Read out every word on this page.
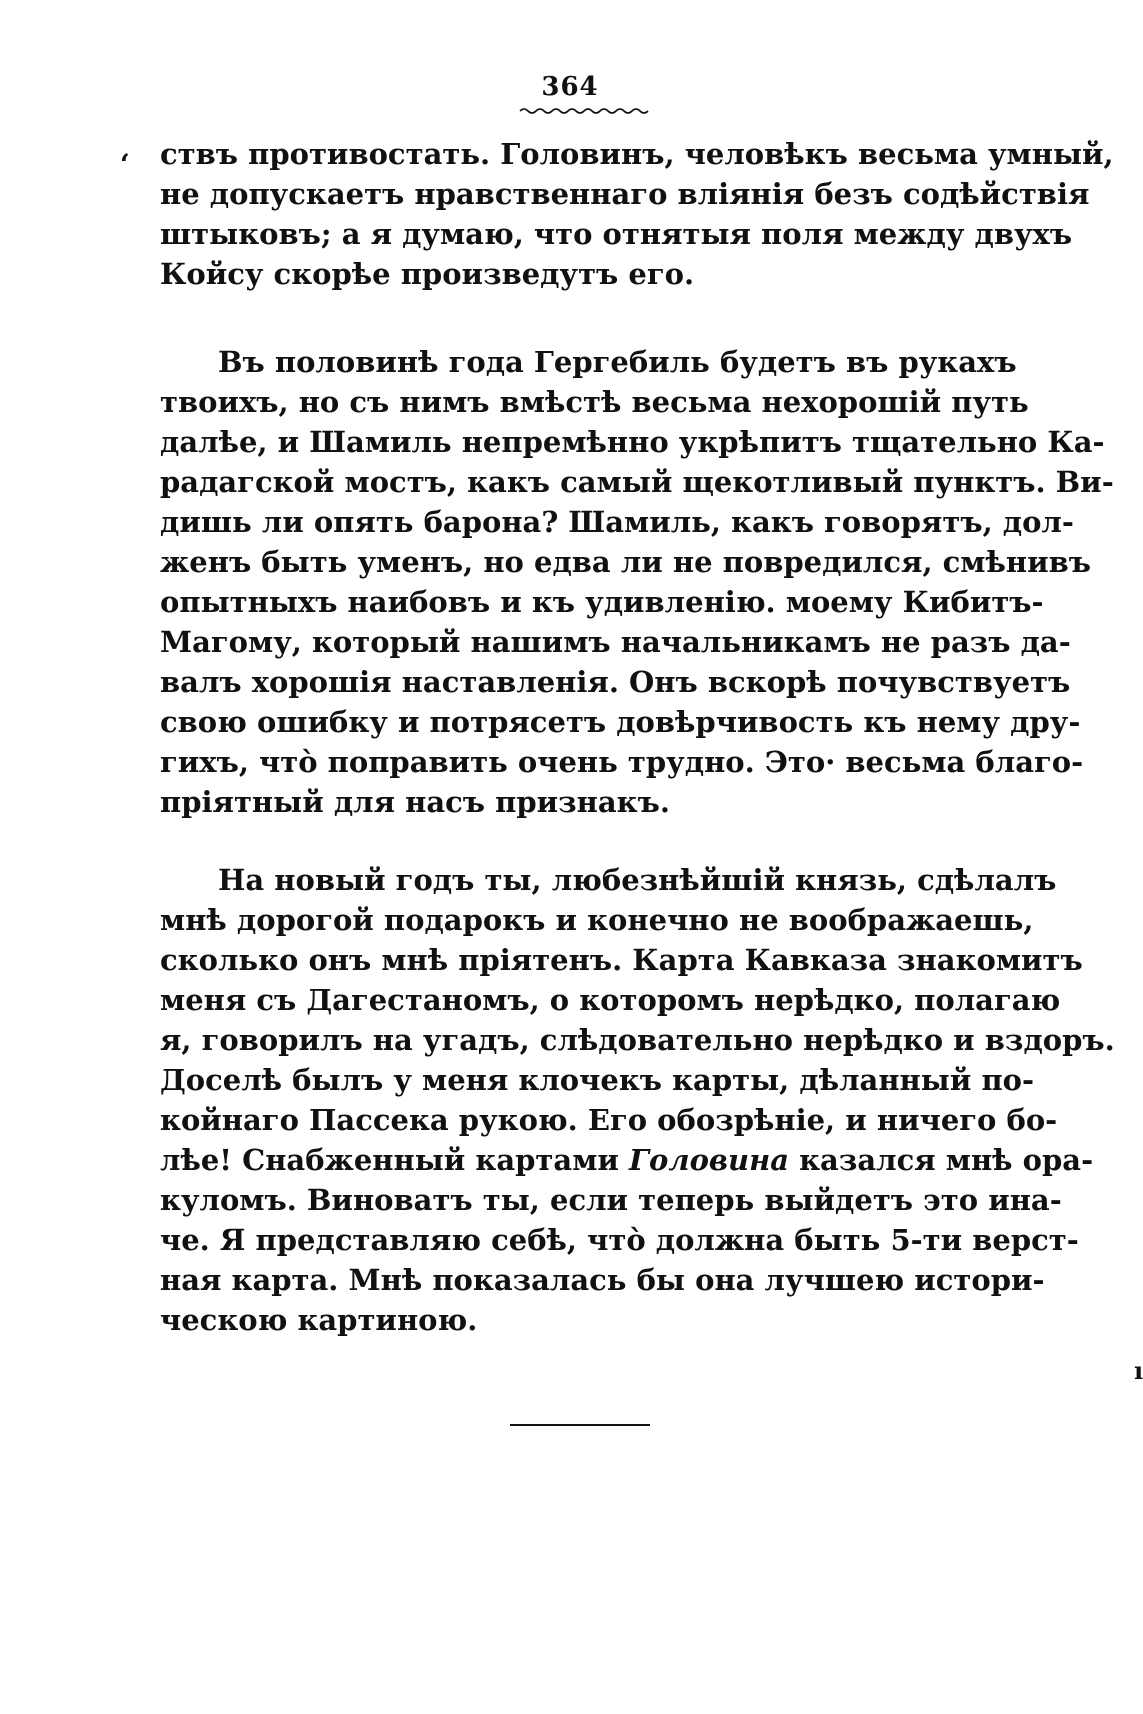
364
ʻ
ı
ствъ противостать. Головинъ, человѣкъ весьма умный,
не допускаетъ нравственнаго вліянія безъ содѣйствія
штыковъ; а я думаю, что отнятыя поля между двухъ
Койсу скорѣе произведутъ его.
Въ половинѣ года Гергебиль будетъ въ рукахъ
твоихъ, но съ нимъ вмѣстѣ весьма нехорошій путь
далѣе, и Шамиль непремѣнно укрѣпитъ тщательно Ка-
радагской мостъ, какъ самый щекотливый пунктъ. Ви-
дишь ли опять барона? Шамиль, какъ говорятъ, дол-
женъ быть уменъ, но едва ли не повредился, смѣнивъ
опытныхъ наибовъ и къ удивленію. моему Кибитъ-
Магому, который нашимъ начальникамъ не разъ да-
валъ хорошія наставленія. Онъ вскорѣ почувствуетъ
свою ошибку и потрясетъ довѣрчивость къ нему дру-
гихъ, что̀ поправить очень трудно. Это· весьма благо-
пріятный для насъ признакъ.
На новый годъ ты, любезнѣйшій князь, сдѣлалъ
мнѣ дорогой подарокъ и конечно не воображаешь,
сколько онъ мнѣ пріятенъ. Карта Кавказа знакомитъ
меня съ Дагестаномъ, о которомъ нерѣдко, полагаю
я, говорилъ на угадъ, слѣдовательно нерѣдко и вздоръ.
Доселѣ былъ у меня клочекъ карты, дѣланный по-
койнаго Пассека рукою. Его обозрѣніе, и ничего бо-
лѣе! Снабженный картами Головина казался мнѣ ора-
куломъ. Виноватъ ты, если теперь выйдетъ это ина-
че. Я представляю себѣ, что̀ должна быть 5-ти верст-
ная карта. Мнѣ показалась бы она лучшею истори-
ческою картиною.
